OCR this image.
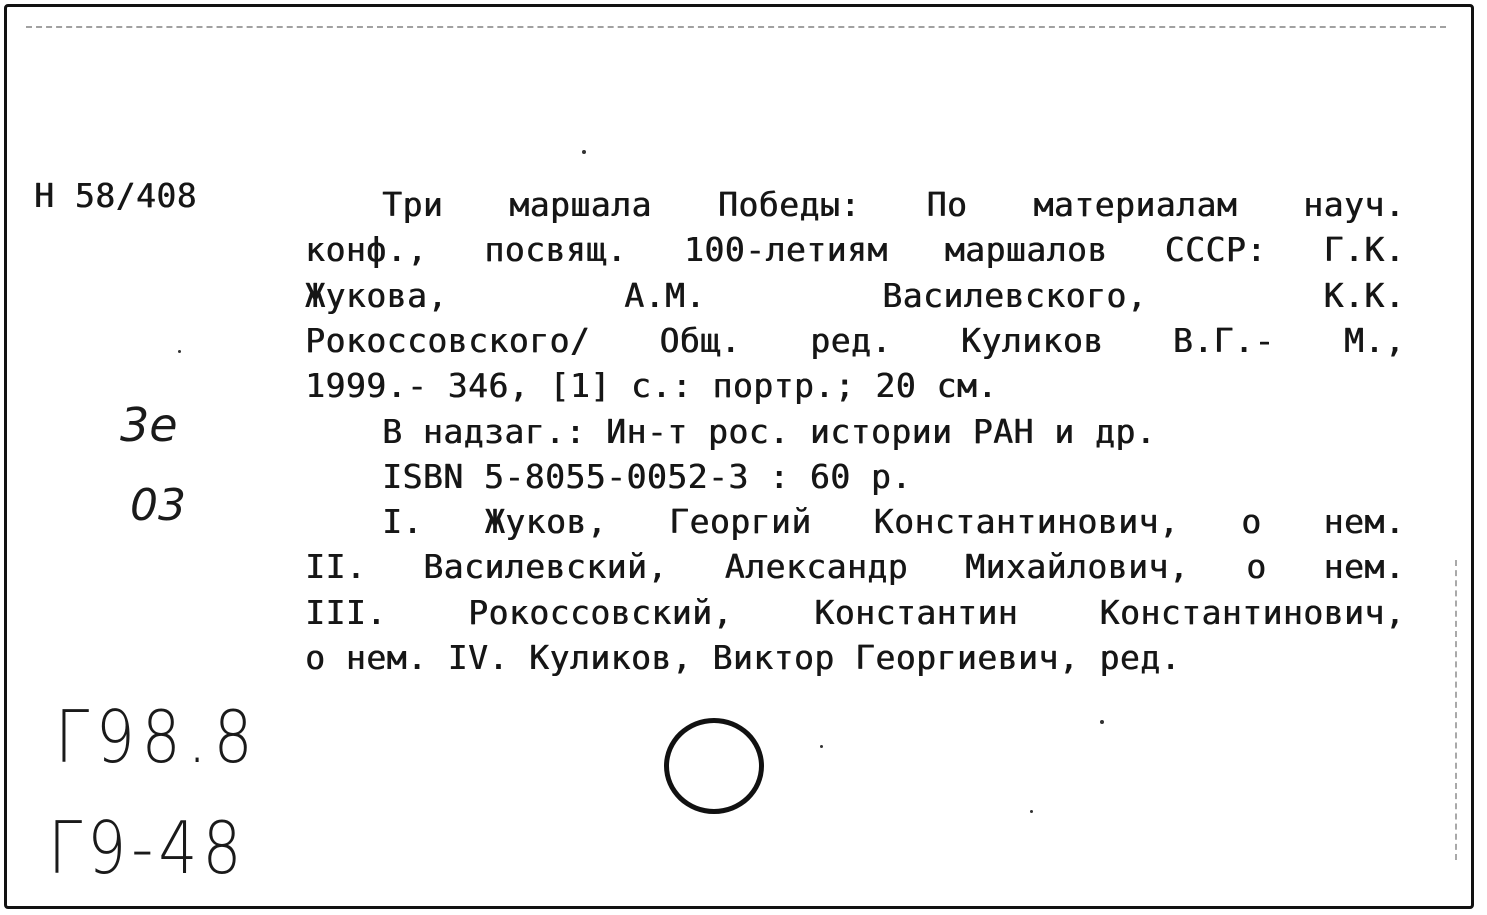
Н 58/408	Три маршала Победы: По материалам науч.
конф., посвящ. 100-летиям маршалов СССР: Г.К.
Жукова, А.М. Василевского, К.К.
Рокоссовского/ Общ. ред. Куликов В.Г.- М.,
1999.- 346, [1] с.: портр.; 20 см.
В надзаг.: Ин-т рос. истории РАН и др.
ISBN 5-8055-0052-3 : 60 р.
I. Жуков, Георгий Константинович, о нем.
II. Василевский, Александр Михайлович, о нем.
III. Рокоссовский, Константин Константинович,
о нем. IV. Куликов, Виктор Георгиевич, ред.
3е
03
Г98.8
Г9-48
